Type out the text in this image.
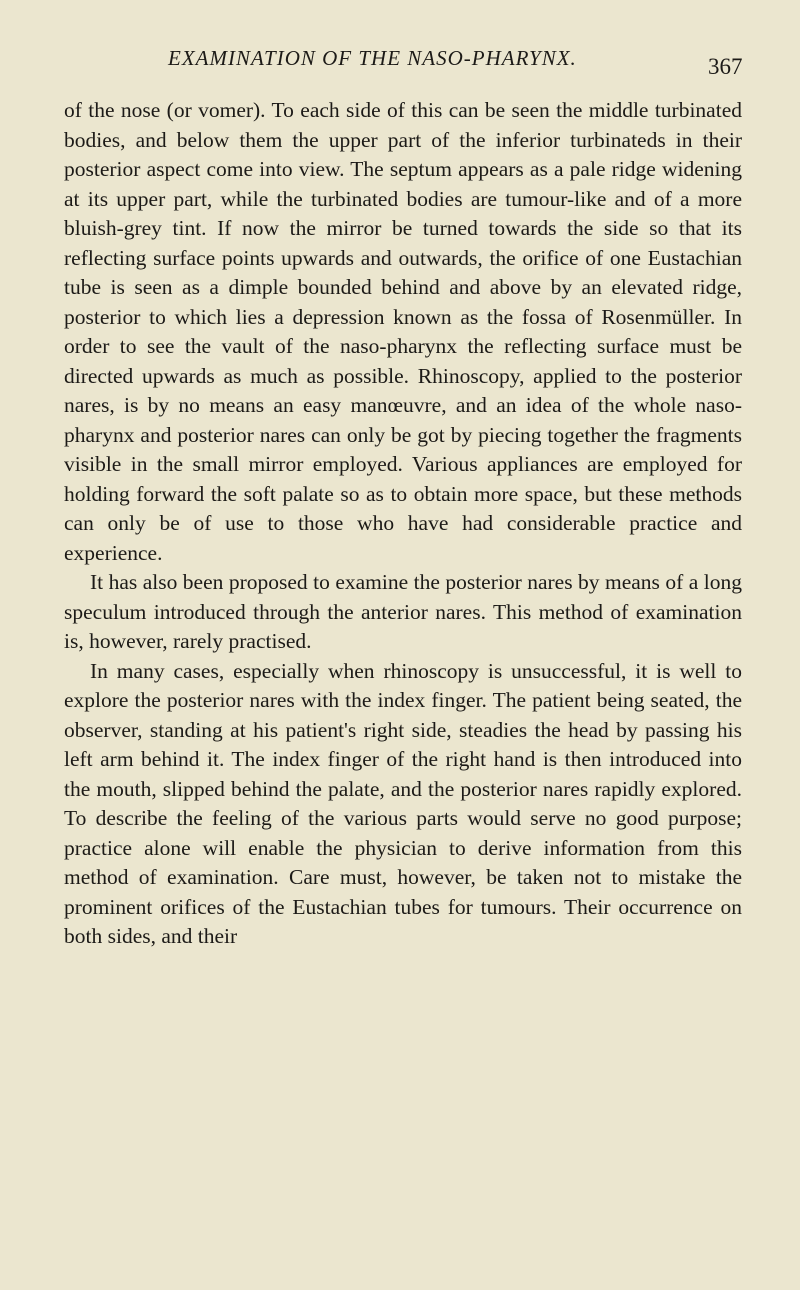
EXAMINATION OF THE NASO-PHARYNX.	367

of the nose (or vomer). To each side of this can be seen the middle turbinated bodies, and below them the upper part of the inferior turbinateds in their posterior aspect come into view. The septum appears as a pale ridge widening at its upper part, while the turbinated bodies are tumour-like and of a more bluish-grey tint. If now the mirror be turned towards the side so that its reflecting surface points upwards and outwards, the orifice of one Eustachian tube is seen as a dimple bounded behind and above by an elevated ridge, posterior to which lies a depression known as the fossa of Rosenmüller. In order to see the vault of the naso-pharynx the reflecting surface must be directed upwards as much as possible. Rhinoscopy, applied to the posterior nares, is by no means an easy manœuvre, and an idea of the whole naso-pharynx and posterior nares can only be got by piecing together the fragments visible in the small mirror employed. Various appliances are employed for holding forward the soft palate so as to obtain more space, but these methods can only be of use to those who have had considerable practice and experience.

It has also been proposed to examine the posterior nares by means of a long speculum introduced through the anterior nares. This method of examination is, however, rarely practised.

In many cases, especially when rhinoscopy is unsuccessful, it is well to explore the posterior nares with the index finger. The patient being seated, the observer, standing at his patient's right side, steadies the head by passing his left arm behind it. The index finger of the right hand is then introduced into the mouth, slipped behind the palate, and the posterior nares rapidly explored. To describe the feeling of the various parts would serve no good purpose; practice alone will enable the physician to derive information from this method of examination. Care must, however, be taken not to mistake the prominent orifices of the Eustachian tubes for tumours. Their occurrence on both sides, and their
